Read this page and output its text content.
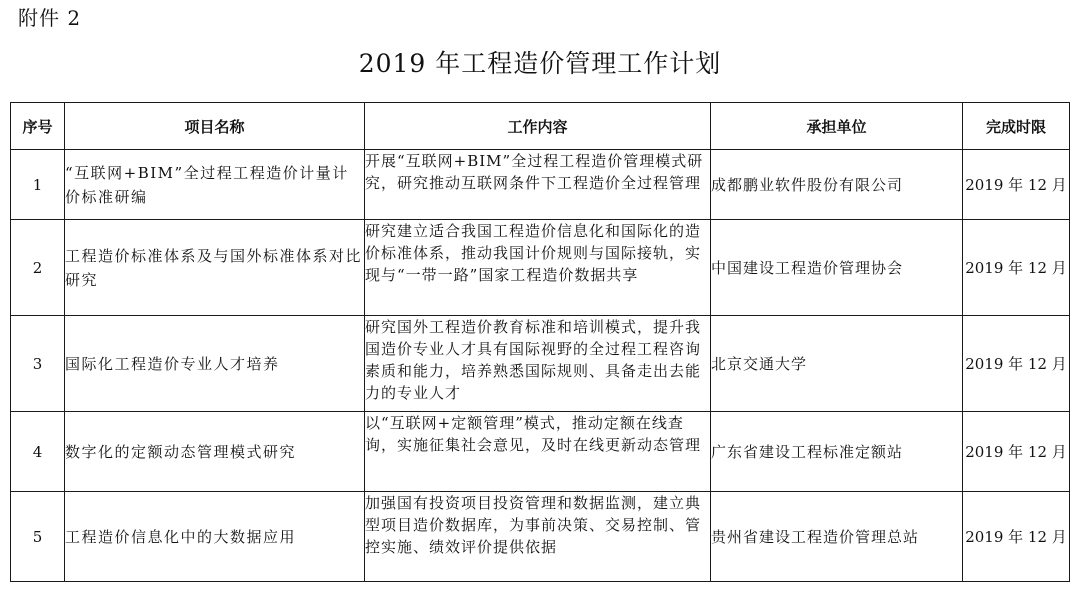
附件 2
2019 年工程造价管理工作计划
序号	项目名称	工作内容	承担单位	完成时限
1	“互联网+BIM”全过程工程造价计量计价标准研编	开展“互联网+BIM”全过程工程造价管理模式研究，研究推动互联网条件下工程造价全过程管理	成都鹏业软件股份有限公司	2019 年 12 月
2	工程造价标准体系及与国外标准体系对比研究	研究建立适合我国工程造价信息化和国际化的造价标准体系，推动我国计价规则与国际接轨，实现与“一带一路”国家工程造价数据共享	中国建设工程造价管理协会	2019 年 12 月
3	国际化工程造价专业人才培养	研究国外工程造价教育标准和培训模式，提升我国造价专业人才具有国际视野的全过程工程咨询素质和能力，培养熟悉国际规则、具备走出去能力的专业人才	北京交通大学	2019 年 12 月
4	数字化的定额动态管理模式研究	以“互联网+定额管理”模式，推动定额在线查询，实施征集社会意见，及时在线更新动态管理	广东省建设工程标准定额站	2019 年 12 月
5	工程造价信息化中的大数据应用	加强国有投资项目投资管理和数据监测，建立典型项目造价数据库，为事前决策、交易控制、管控实施、绩效评价提供依据	贵州省建设工程造价管理总站	2019 年 12 月
